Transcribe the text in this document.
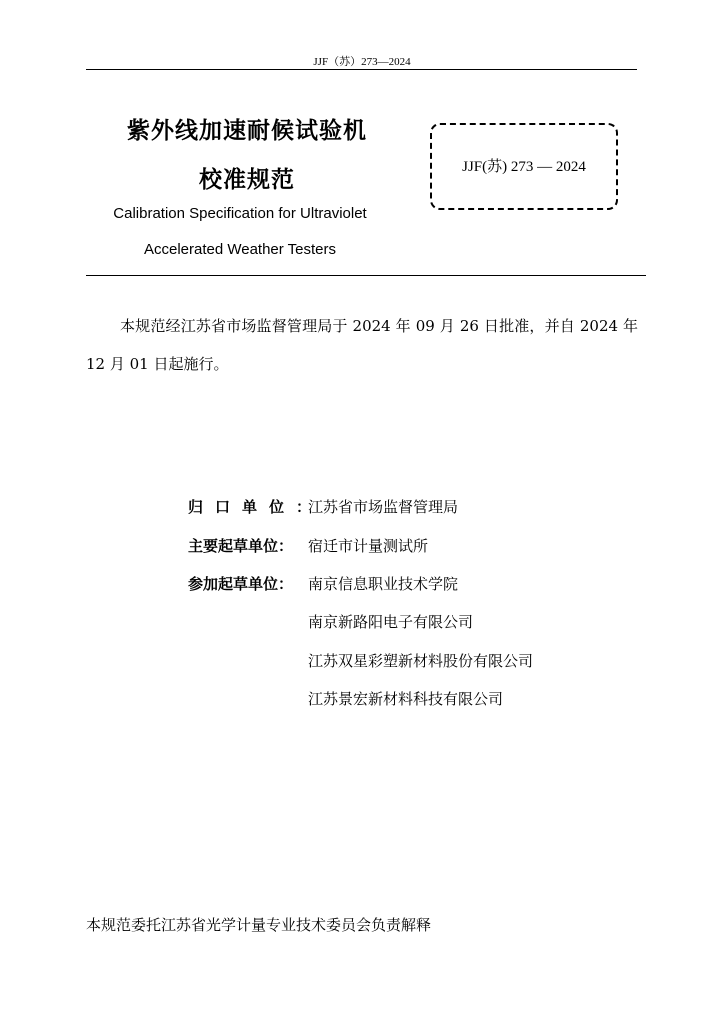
JJF（苏）273—2024
紫外线加速耐候试验机
校准规范
Calibration Specification for Ultraviolet
Accelerated Weather Testers
JJF(苏) 273 — 2024
本规范经江苏省市场监督管理局于 2024 年 09 月 26 日批准，并自 2024 年 12 月 01 日起施行。
归口单位：
江苏省市场监督管理局
主要起草单位： 宿迁市计量测试所
参加起草单位： 南京信息职业技术学院
南京新路阳电子有限公司
江苏双星彩塑新材料股份有限公司
江苏景宏新材料科技有限公司
本规范委托江苏省光学计量专业技术委员会负责解释
